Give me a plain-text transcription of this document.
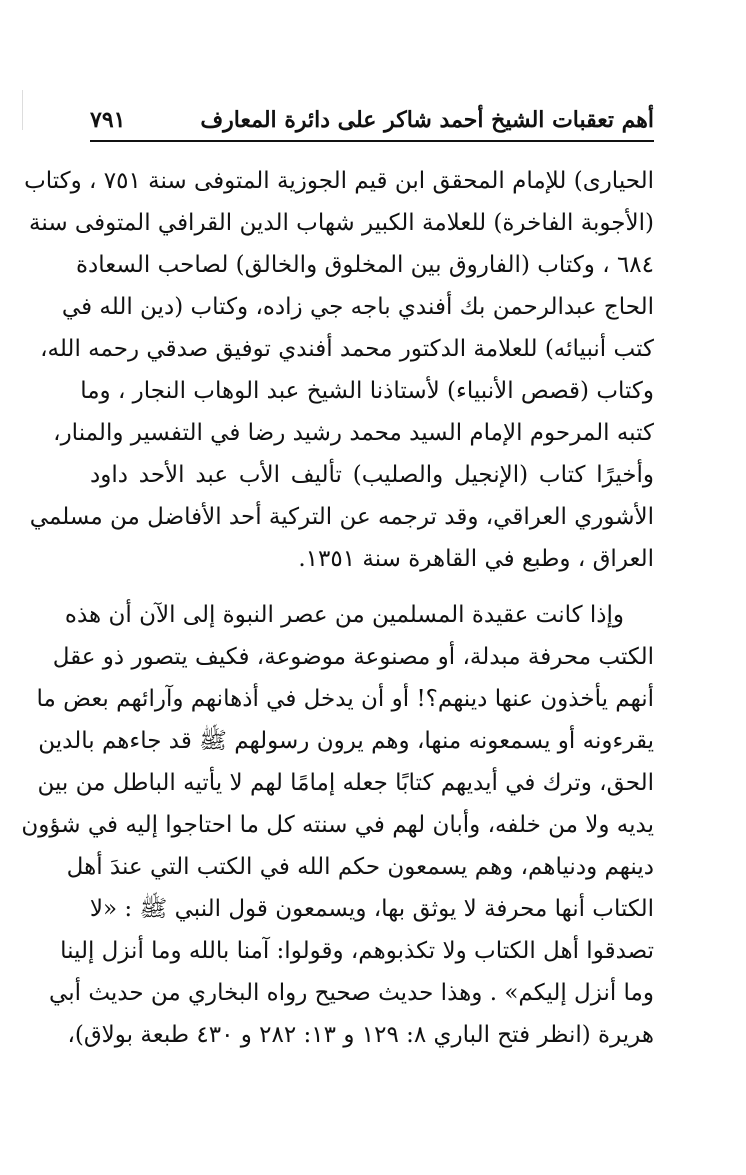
أهم تعقبات الشيخ أحمد شاكر على دائرة المعارف
٧٩١
الحيارى) للإمام المحقق ابن قيم الجوزية المتوفى سنة ٧٥١ ، وكتاب
(الأجوبة الفاخرة) للعلامة الكبير شهاب الدين القرافي المتوفى سنة
٦٨٤ ، وكتاب (الفاروق بين المخلوق والخالق) لصاحب السعادة
الحاج عبدالرحمن بك أفندي باجه جي زاده، وكتاب (دين الله في
كتب أنبيائه) للعلامة الدكتور محمد أفندي توفيق صدقي رحمه الله،
وكتاب (قصص الأنبياء) لأستاذنا الشيخ عبد الوهاب النجار ، وما
كتبه المرحوم الإمام السيد محمد رشيد رضا في التفسير والمنار،
وأخيرًا كتاب (الإنجيل والصليب) تأليف الأب عبد الأحد داود
الأشوري العراقي، وقد ترجمه عن التركية أحد الأفاضل من مسلمي
العراق ، وطبع في القاهرة سنة ١٣٥١.
وإذا كانت عقيدة المسلمين من عصر النبوة إلى الآن أن هذه
الكتب محرفة مبدلة، أو مصنوعة موضوعة، فكيف يتصور ذو عقل
أنهم يأخذون عنها دينهم؟! أو أن يدخل في أذهانهم وآرائهم بعض ما
يقرءونه أو يسمعونه منها، وهم يرون رسولهم ﷺ قد جاءهم بالدين
الحق، وترك في أيديهم كتابًا جعله إمامًا لهم لا يأتيه الباطل من بين
يديه ولا من خلفه، وأبان لهم في سنته كل ما احتاجوا إليه في شؤون
دينهم ودنياهم، وهم يسمعون حكم الله في الكتب التي عندَ أهل
الكتاب أنها محرفة لا يوثق بها، ويسمعون قول النبي ﷺ : «لا
تصدقوا أهل الكتاب ولا تكذبوهم، وقولوا: آمنا بالله وما أنزل إلينا
وما أنزل إليكم» . وهذا حديث صحيح رواه البخاري من حديث أبي
هريرة (انظر فتح الباري ٨: ١٢٩ و ١٣: ٢٨٢ و ٤٣٠ طبعة بولاق)،
